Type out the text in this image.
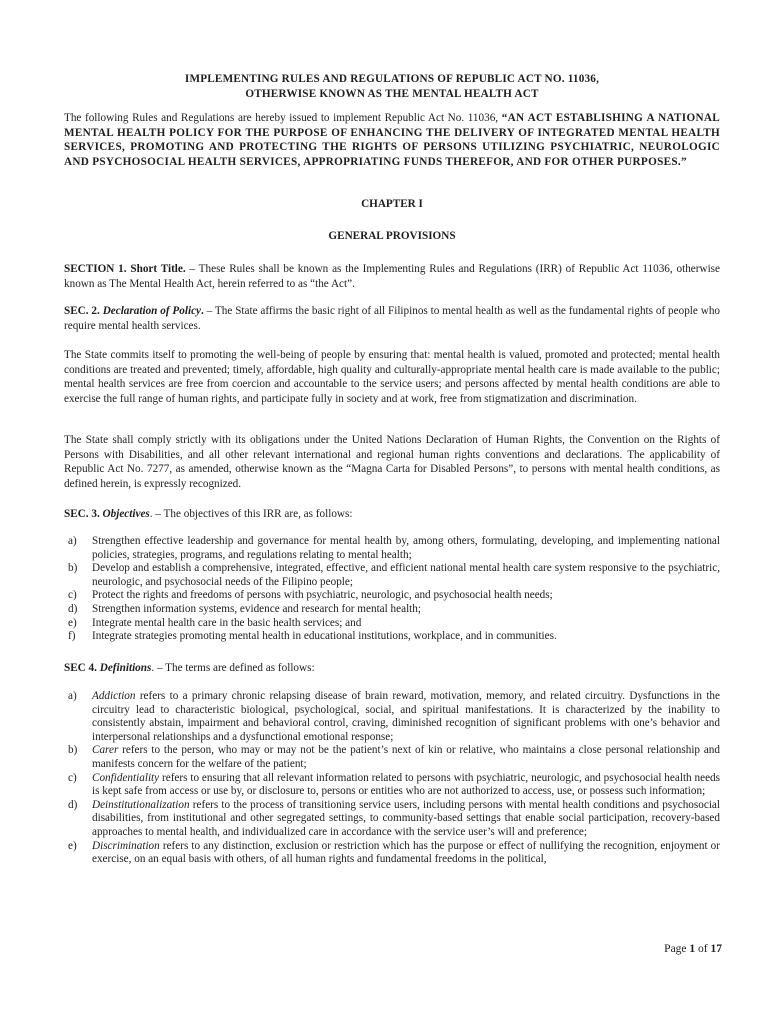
IMPLEMENTING RULES AND REGULATIONS OF REPUBLIC ACT NO. 11036,
OTHERWISE KNOWN AS THE MENTAL HEALTH ACT
The following Rules and Regulations are hereby issued to implement Republic Act No. 11036, “AN ACT ESTABLISHING A NATIONAL MENTAL HEALTH POLICY FOR THE PURPOSE OF ENHANCING THE DELIVERY OF INTEGRATED MENTAL HEALTH SERVICES, PROMOTING AND PROTECTING THE RIGHTS OF PERSONS UTILIZING PSYCHIATRIC, NEUROLOGIC AND PSYCHOSOCIAL HEALTH SERVICES, APPROPRIATING FUNDS THEREFOR, AND FOR OTHER PURPOSES.”
CHAPTER I
GENERAL PROVISIONS
SECTION 1. Short Title. – These Rules shall be known as the Implementing Rules and Regulations (IRR) of Republic Act 11036, otherwise known as The Mental Health Act, herein referred to as “the Act”.
SEC. 2. Declaration of Policy. – The State affirms the basic right of all Filipinos to mental health as well as the fundamental rights of people who require mental health services.
The State commits itself to promoting the well-being of people by ensuring that: mental health is valued, promoted and protected; mental health conditions are treated and prevented; timely, affordable, high quality and culturally-appropriate mental health care is made available to the public; mental health services are free from coercion and accountable to the service users; and persons affected by mental health conditions are able to exercise the full range of human rights, and participate fully in society and at work, free from stigmatization and discrimination.
The State shall comply strictly with its obligations under the United Nations Declaration of Human Rights, the Convention on the Rights of Persons with Disabilities, and all other relevant international and regional human rights conventions and declarations. The applicability of Republic Act No. 7277, as amended, otherwise known as the “Magna Carta for Disabled Persons”, to persons with mental health conditions, as defined herein, is expressly recognized.
SEC. 3. Objectives. – The objectives of this IRR are, as follows:
a) Strengthen effective leadership and governance for mental health by, among others, formulating, developing, and implementing national policies, strategies, programs, and regulations relating to mental health;
b) Develop and establish a comprehensive, integrated, effective, and efficient national mental health care system responsive to the psychiatric, neurologic, and psychosocial needs of the Filipino people;
c) Protect the rights and freedoms of persons with psychiatric, neurologic, and psychosocial health needs;
d) Strengthen information systems, evidence and research for mental health;
e) Integrate mental health care in the basic health services; and
f) Integrate strategies promoting mental health in educational institutions, workplace, and in communities.
SEC 4. Definitions. – The terms are defined as follows:
a) Addiction refers to a primary chronic relapsing disease of brain reward, motivation, memory, and related circuitry. Dysfunctions in the circuitry lead to characteristic biological, psychological, social, and spiritual manifestations. It is characterized by the inability to consistently abstain, impairment and behavioral control, craving, diminished recognition of significant problems with one’s behavior and interpersonal relationships and a dysfunctional emotional response;
b) Carer refers to the person, who may or may not be the patient’s next of kin or relative, who maintains a close personal relationship and manifests concern for the welfare of the patient;
c) Confidentiality refers to ensuring that all relevant information related to persons with psychiatric, neurologic, and psychosocial health needs is kept safe from access or use by, or disclosure to, persons or entities who are not authorized to access, use, or possess such information;
d) Deinstitutionalization refers to the process of transitioning service users, including persons with mental health conditions and psychosocial disabilities, from institutional and other segregated settings, to community-based settings that enable social participation, recovery-based approaches to mental health, and individualized care in accordance with the service user’s will and preference;
e) Discrimination refers to any distinction, exclusion or restriction which has the purpose or effect of nullifying the recognition, enjoyment or exercise, on an equal basis with others, of all human rights and fundamental freedoms in the political,
Page 1 of 17
